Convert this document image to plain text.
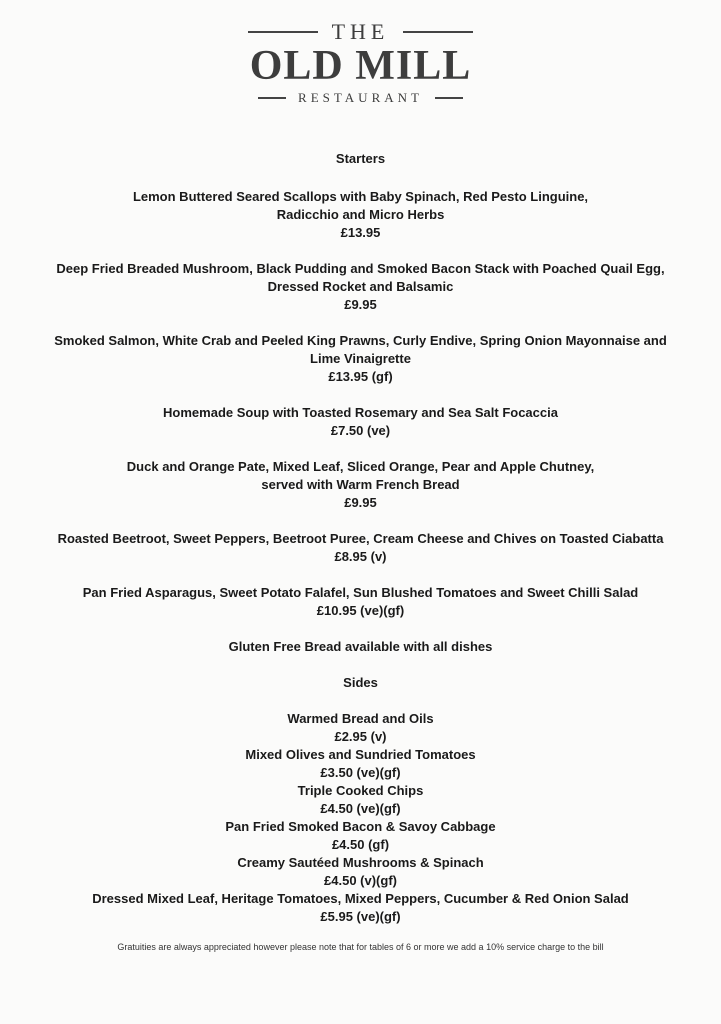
THE
OLD MILL
RESTAURANT
Starters
Lemon Buttered Seared Scallops with Baby Spinach, Red Pesto Linguine,
Radicchio and Micro Herbs
£13.95
Deep Fried Breaded Mushroom, Black Pudding and Smoked Bacon Stack with Poached Quail Egg,
Dressed Rocket and Balsamic
£9.95
Smoked Salmon, White Crab and Peeled King Prawns, Curly Endive, Spring Onion Mayonnaise and
Lime Vinaigrette
£13.95 (gf)
Homemade Soup with Toasted Rosemary and Sea Salt Focaccia
£7.50 (ve)
Duck and Orange Pate, Mixed Leaf, Sliced Orange, Pear and Apple Chutney,
served with Warm French Bread
£9.95
Roasted Beetroot, Sweet Peppers, Beetroot Puree, Cream Cheese and Chives on Toasted Ciabatta
£8.95 (v)
Pan Fried Asparagus, Sweet Potato Falafel, Sun Blushed Tomatoes and Sweet Chilli Salad
£10.95 (ve)(gf)
Gluten Free Bread available with all dishes
Sides
Warmed Bread and Oils
£2.95 (v)
Mixed Olives and Sundried Tomatoes
£3.50 (ve)(gf)
Triple Cooked Chips
£4.50 (ve)(gf)
Pan Fried Smoked Bacon & Savoy Cabbage
£4.50 (gf)
Creamy Sautéed Mushrooms & Spinach
£4.50 (v)(gf)
Dressed Mixed Leaf, Heritage Tomatoes, Mixed Peppers, Cucumber & Red Onion Salad
£5.95 (ve)(gf)
Gratuities are always appreciated however please note that for tables of 6 or more we add a 10% service charge to the bill
